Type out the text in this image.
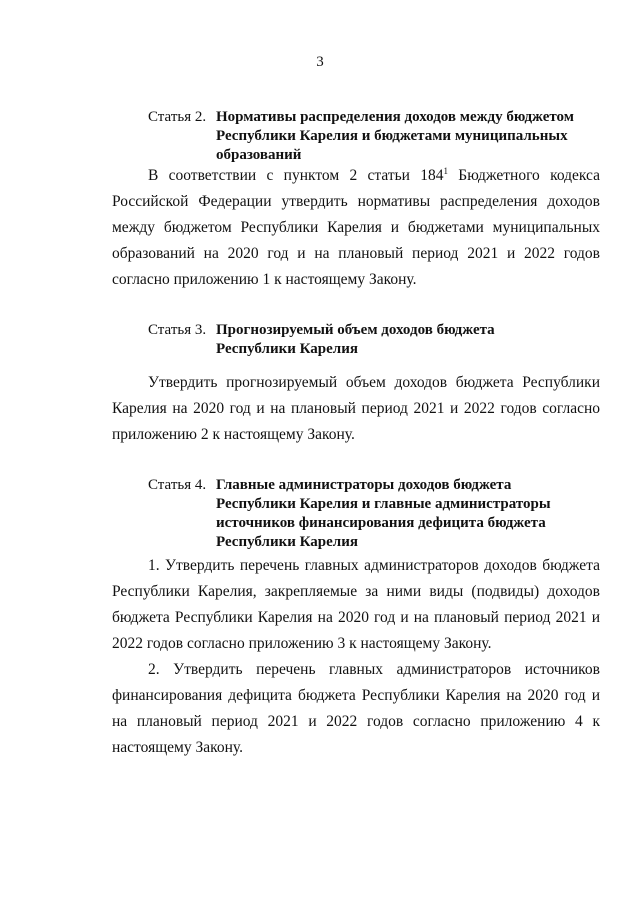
3
Статья 2. Нормативы распределения доходов между бюджетом
Республики Карелия и бюджетами муниципальных
образований

В соответствии с пунктом 2 статьи $184^1$ Бюджетного кодекса Российской Федерации утвердить нормативы распределения доходов между бюджетом Республики Карелия и бюджетами муниципальных образований на 2020 год и на плановый период 2021 и 2022 годов согласно приложению 1 к настоящему Закону.

Статья 3. Прогнозируемый объем доходов бюджета
Республики Карелия

Утвердить прогнозируемый объем доходов бюджета Республики Карелия на 2020 год и на плановый период 2021 и 2022 годов согласно приложению 2 к настоящему Закону.

Статья 4. Главные администраторы доходов бюджета
Республики Карелия и главные администраторы
источников финансирования дефицита бюджета
Республики Карелия

1. Утвердить перечень главных администраторов доходов бюджета Республики Карелия, закрепляемые за ними виды (подвиды) доходов бюджета Республики Карелия на 2020 год и на плановый период 2021 и 2022 годов согласно приложению 3 к настоящему Закону.

2. Утвердить перечень главных администраторов источников финансирования дефицита бюджета Республики Карелия на 2020 год и на плановый период 2021 и 2022 годов согласно приложению 4 к настоящему Закону.
